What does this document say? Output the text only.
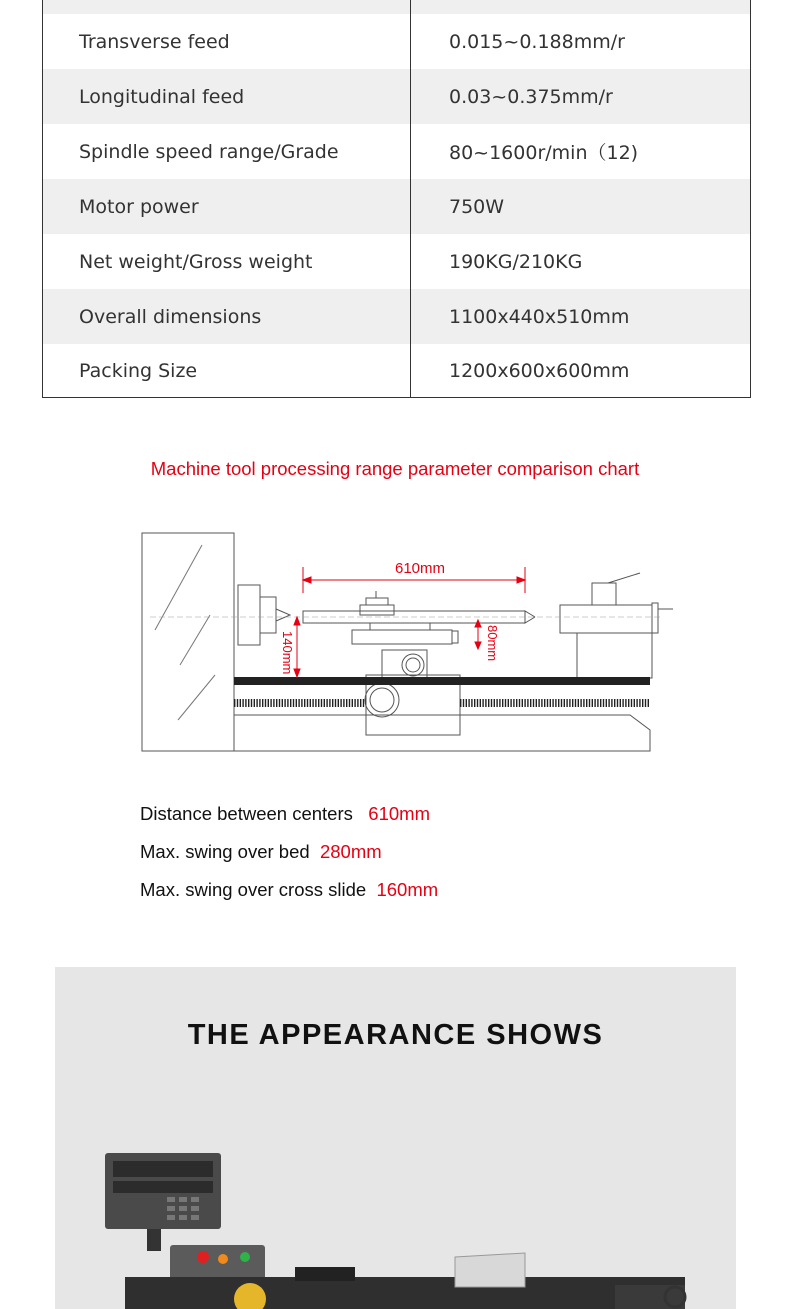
Transverse feed	0.015~0.188mm/r
Longitudinal feed	0.03~0.375mm/r
Spindle speed range/Grade	80~1600r/min（12)
Motor power	750W
Net weight/Gross weight	190KG/210KG
Overall dimensions	1100x440x510mm
Packing Size	1200x600x600mm
Machine tool processing range parameter comparison chart
610mm
140mm	80mm
Distance between centers 610mm
Max. swing over bed 280mm
Max. swing over cross slide 160mm
THE APPEARANCE SHOWS
